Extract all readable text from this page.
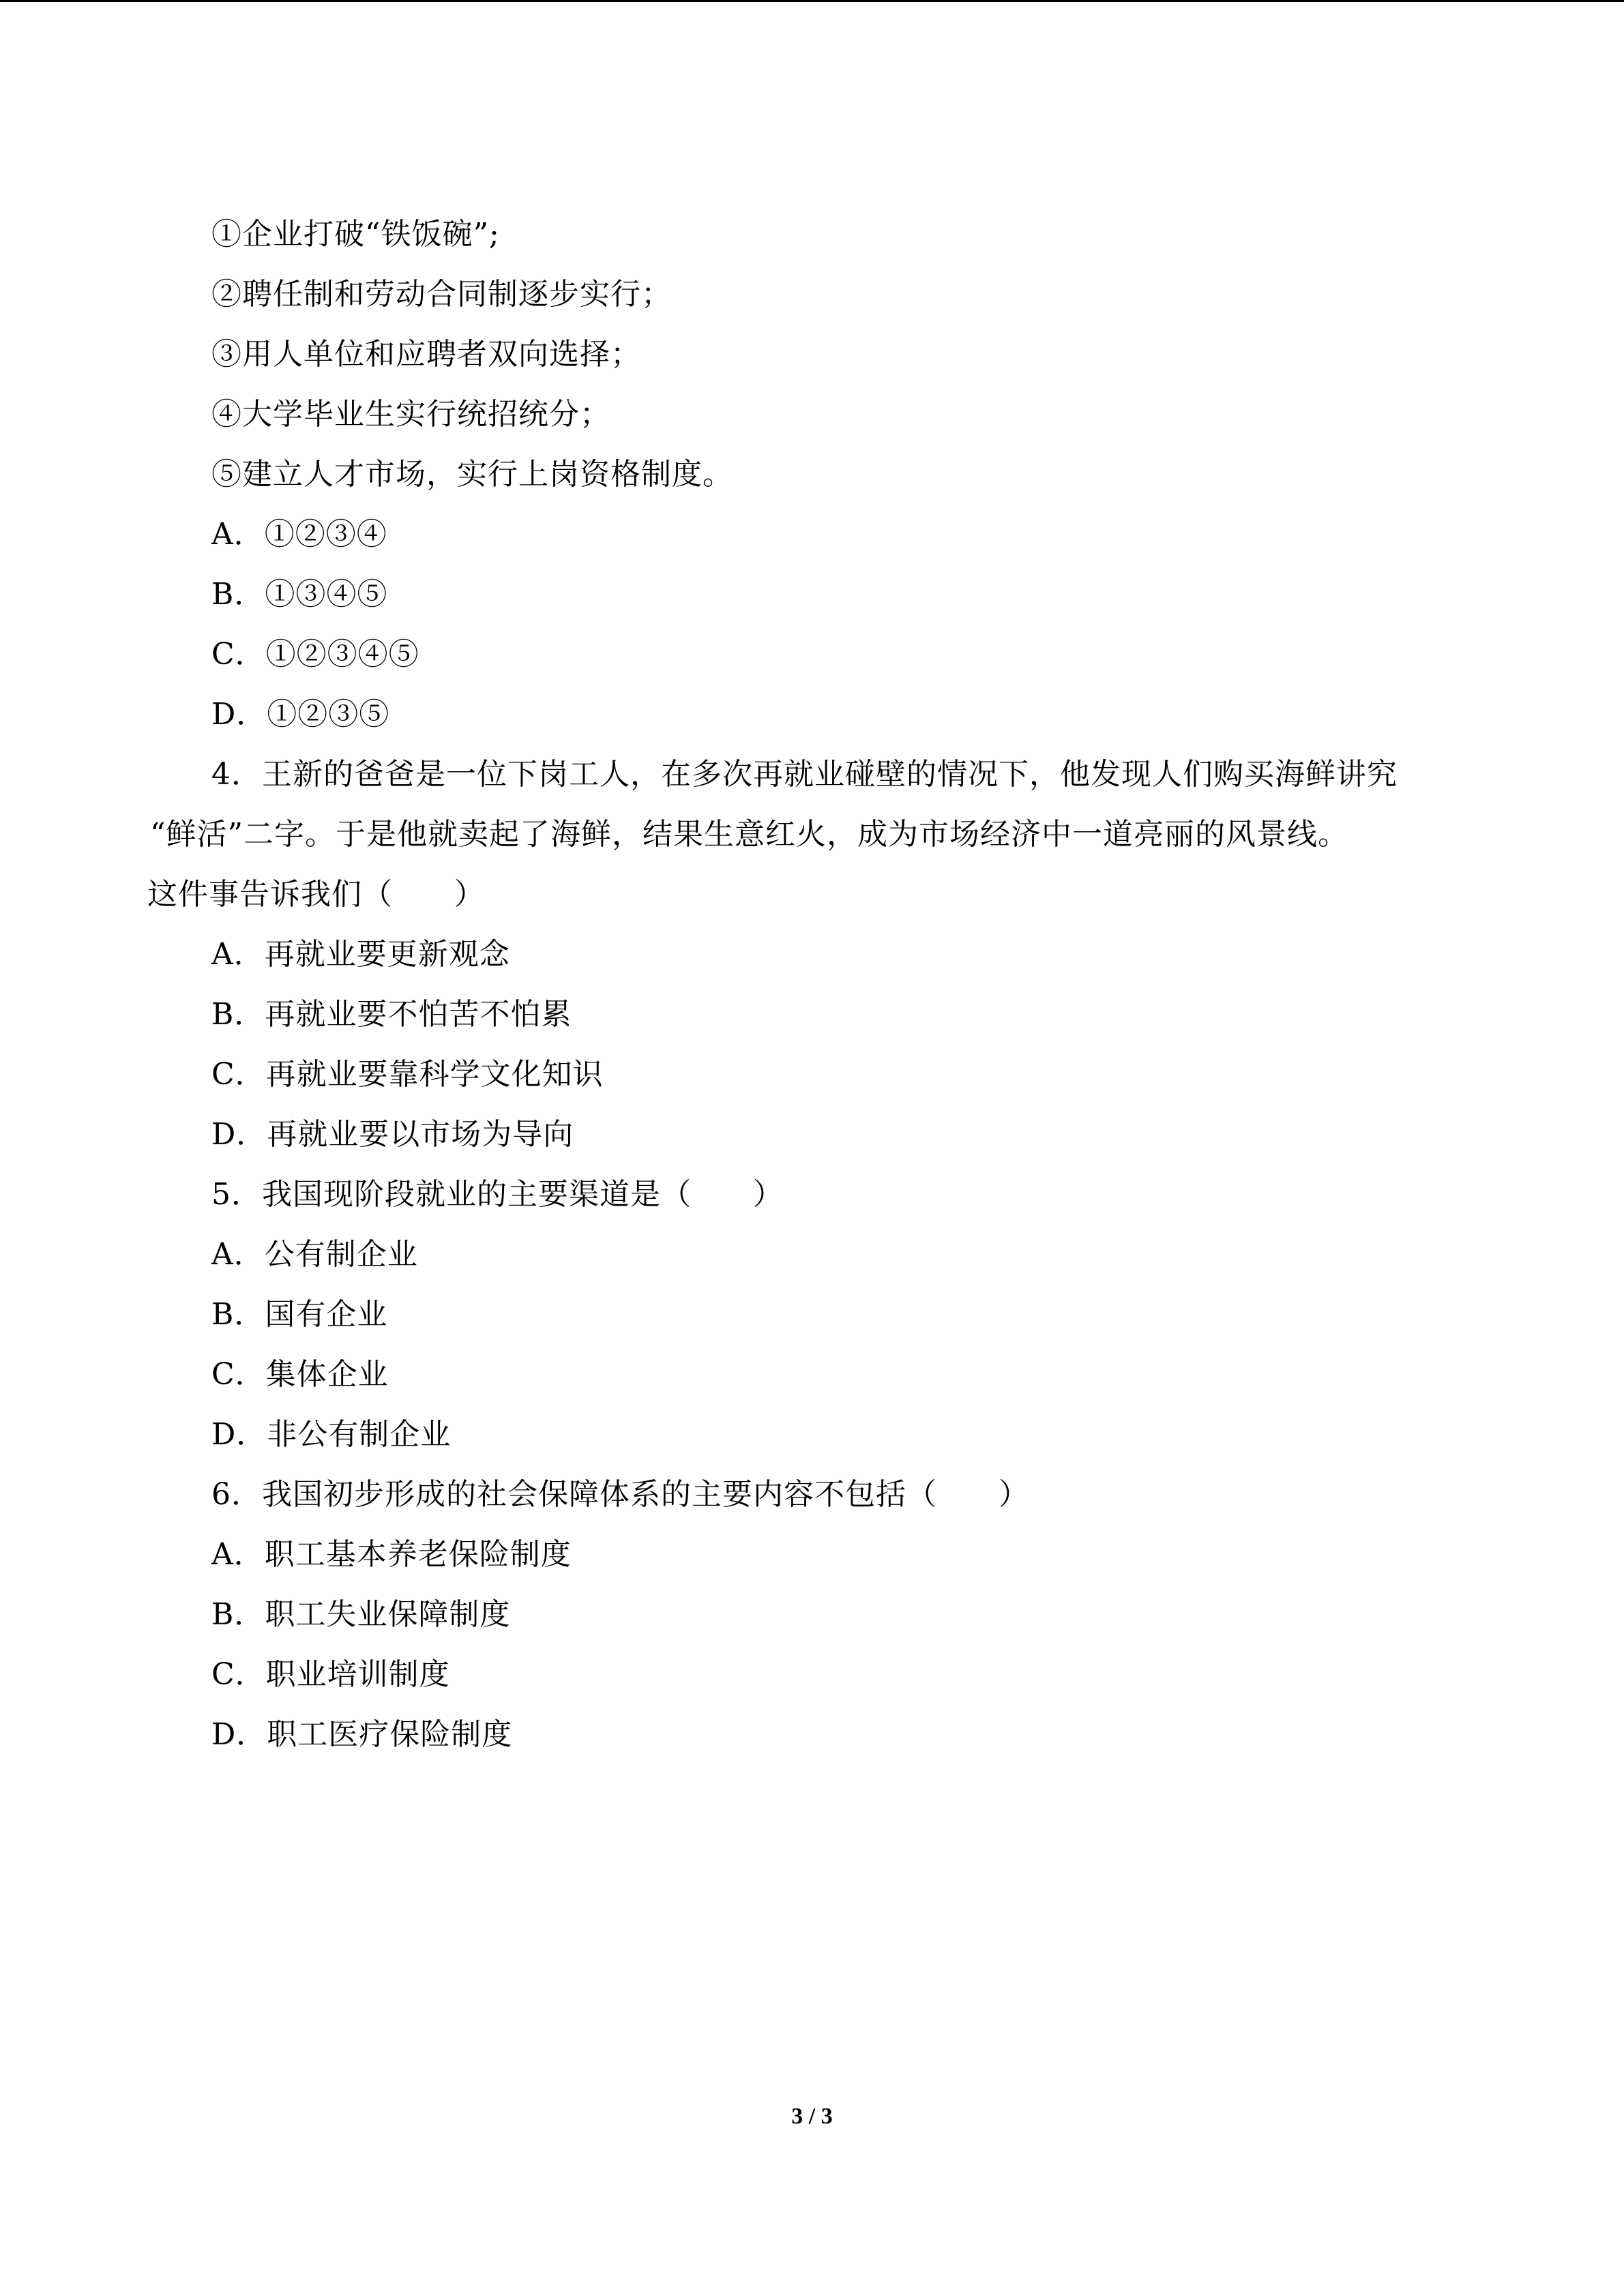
①企业打破“铁饭碗”;
②聘任制和劳动合同制逐步实行；
③用人单位和应聘者双向选择；
④大学毕业生实行统招统分；
⑤建立人才市场，实行上岗资格制度。
A．①②③④
B．①③④⑤
C．①②③④⑤
D．①②③⑤
4．王新的爸爸是一位下岗工人，在多次再就业碰壁的情况下，他发现人们购买海鲜讲究
“鲜活”二字。于是他就卖起了海鲜，结果生意红火，成为市场经济中一道亮丽的风景线。
这件事告诉我们（　　）
A．再就业要更新观念
B．再就业要不怕苦不怕累
C．再就业要靠科学文化知识
D．再就业要以市场为导向
5．我国现阶段就业的主要渠道是（　　）
A．公有制企业
B．国有企业
C．集体企业
D．非公有制企业
6．我国初步形成的社会保障体系的主要内容不包括（　　）
A．职工基本养老保险制度
B．职工失业保障制度
C．职业培训制度
D．职工医疗保险制度
3 / 3
